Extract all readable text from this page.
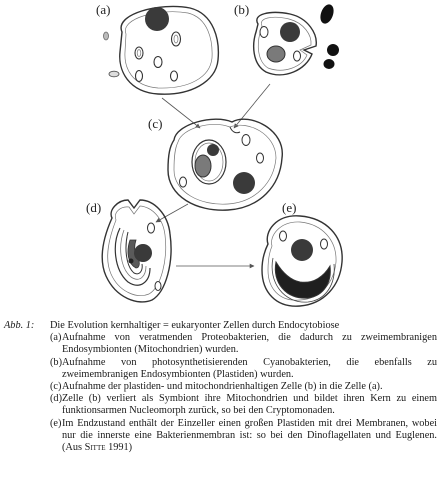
(a)	(b)
(c)
(d)	(e)
Abb. 1:	Die Evolution kernhaltiger = eukaryonter Zellen durch Endocytobiose
(a) Aufnahme von veratmenden Proteobakterien, die dadurch zu zweimembranigen Endosymbionten (Mitochondrien) wurden.
(b) Aufnahme von photosynthetisierenden Cyanobakterien, die ebenfalls zu zweimembranigen Endosymbionten (Plastiden) wurden.
(c) Aufnahme der plastiden- und mitochondrienhaltigen Zelle (b) in die Zelle (a).
(d) Zelle (b) verliert als Symbiont ihre Mitochondrien und bildet ihren Kern zu einem funktionsarmen Nucleomorph zurück, so bei den Cryptomonaden.
(e) Im Endzustand enthält der Einzeller einen großen Plastiden mit drei Membranen, wobei nur die innerste eine Bakterienmembran ist: so bei den Dinoflagellaten und Euglenen. (Aus Sitte 1991)
